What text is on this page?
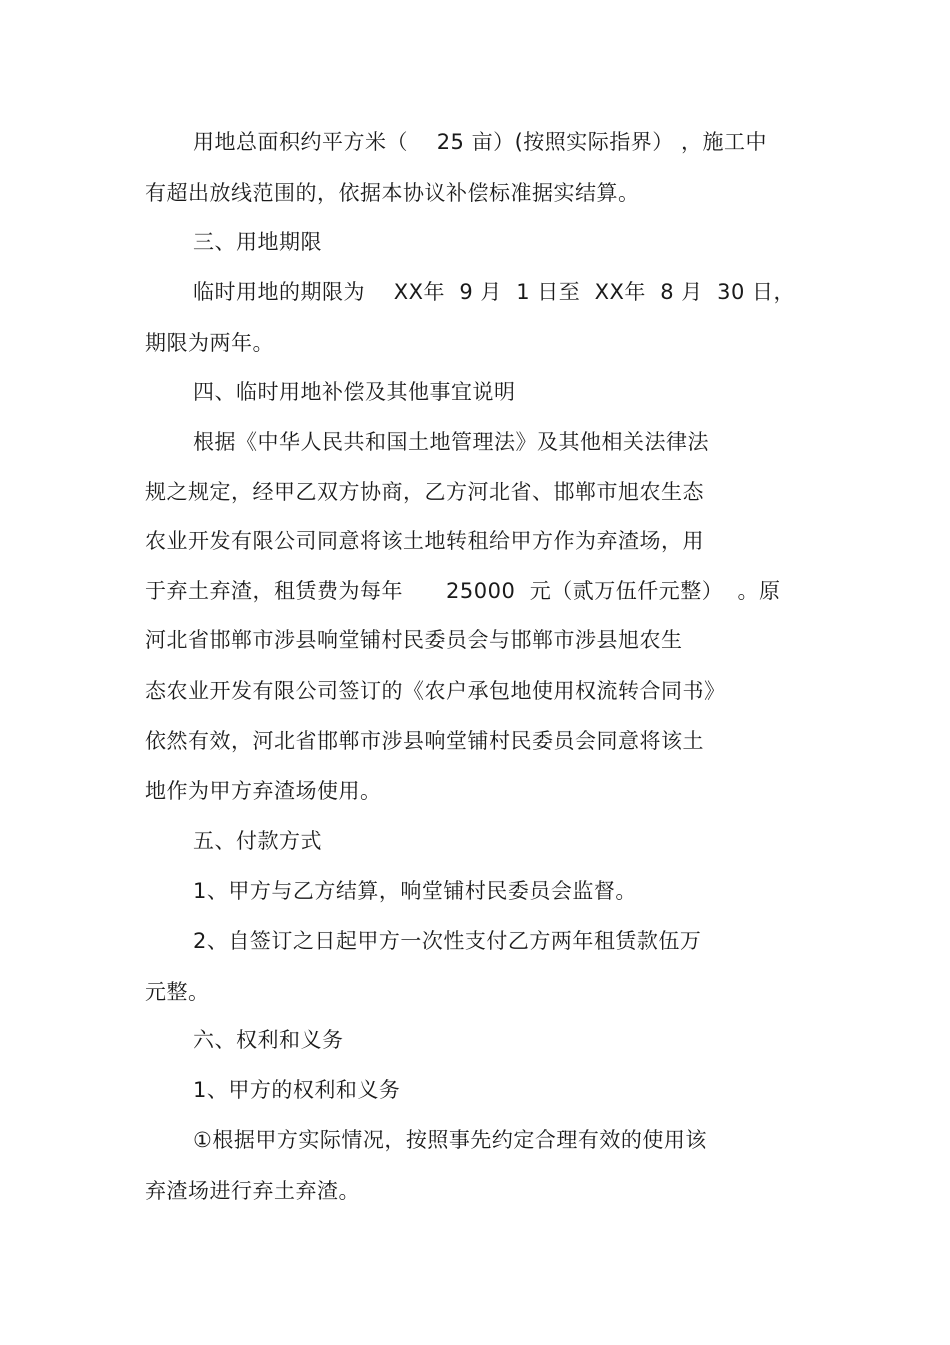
用地总面积约平方米（    25 亩）(按照实际指界） ，施工中
有超出放线范围的，依据本协议补偿标准据实结算。
三、用地期限
临时用地的期限为    XX年  9 月  1 日至  XX年  8 月  30 日，
期限为两年。
四、临时用地补偿及其他事宜说明
根据《中华人民共和国土地管理法》及其他相关法律法
规之规定，经甲乙双方协商，乙方河北省、邯郸市旭农生态
农业开发有限公司同意将该土地转租给甲方作为弃渣场，用
于弃土弃渣，租赁费为每年      25000  元（贰万伍仟元整）  。原
河北省邯郸市涉县响堂铺村民委员会与邯郸市涉县旭农生
态农业开发有限公司签订的《农户承包地使用权流转合同书》
依然有效，河北省邯郸市涉县响堂铺村民委员会同意将该土
地作为甲方弃渣场使用。
五、付款方式
1、甲方与乙方结算，响堂铺村民委员会监督。
2、自签订之日起甲方一次性支付乙方两年租赁款伍万
元整。
六、权利和义务
1、甲方的权利和义务
①根据甲方实际情况，按照事先约定合理有效的使用该
弃渣场进行弃土弃渣。
